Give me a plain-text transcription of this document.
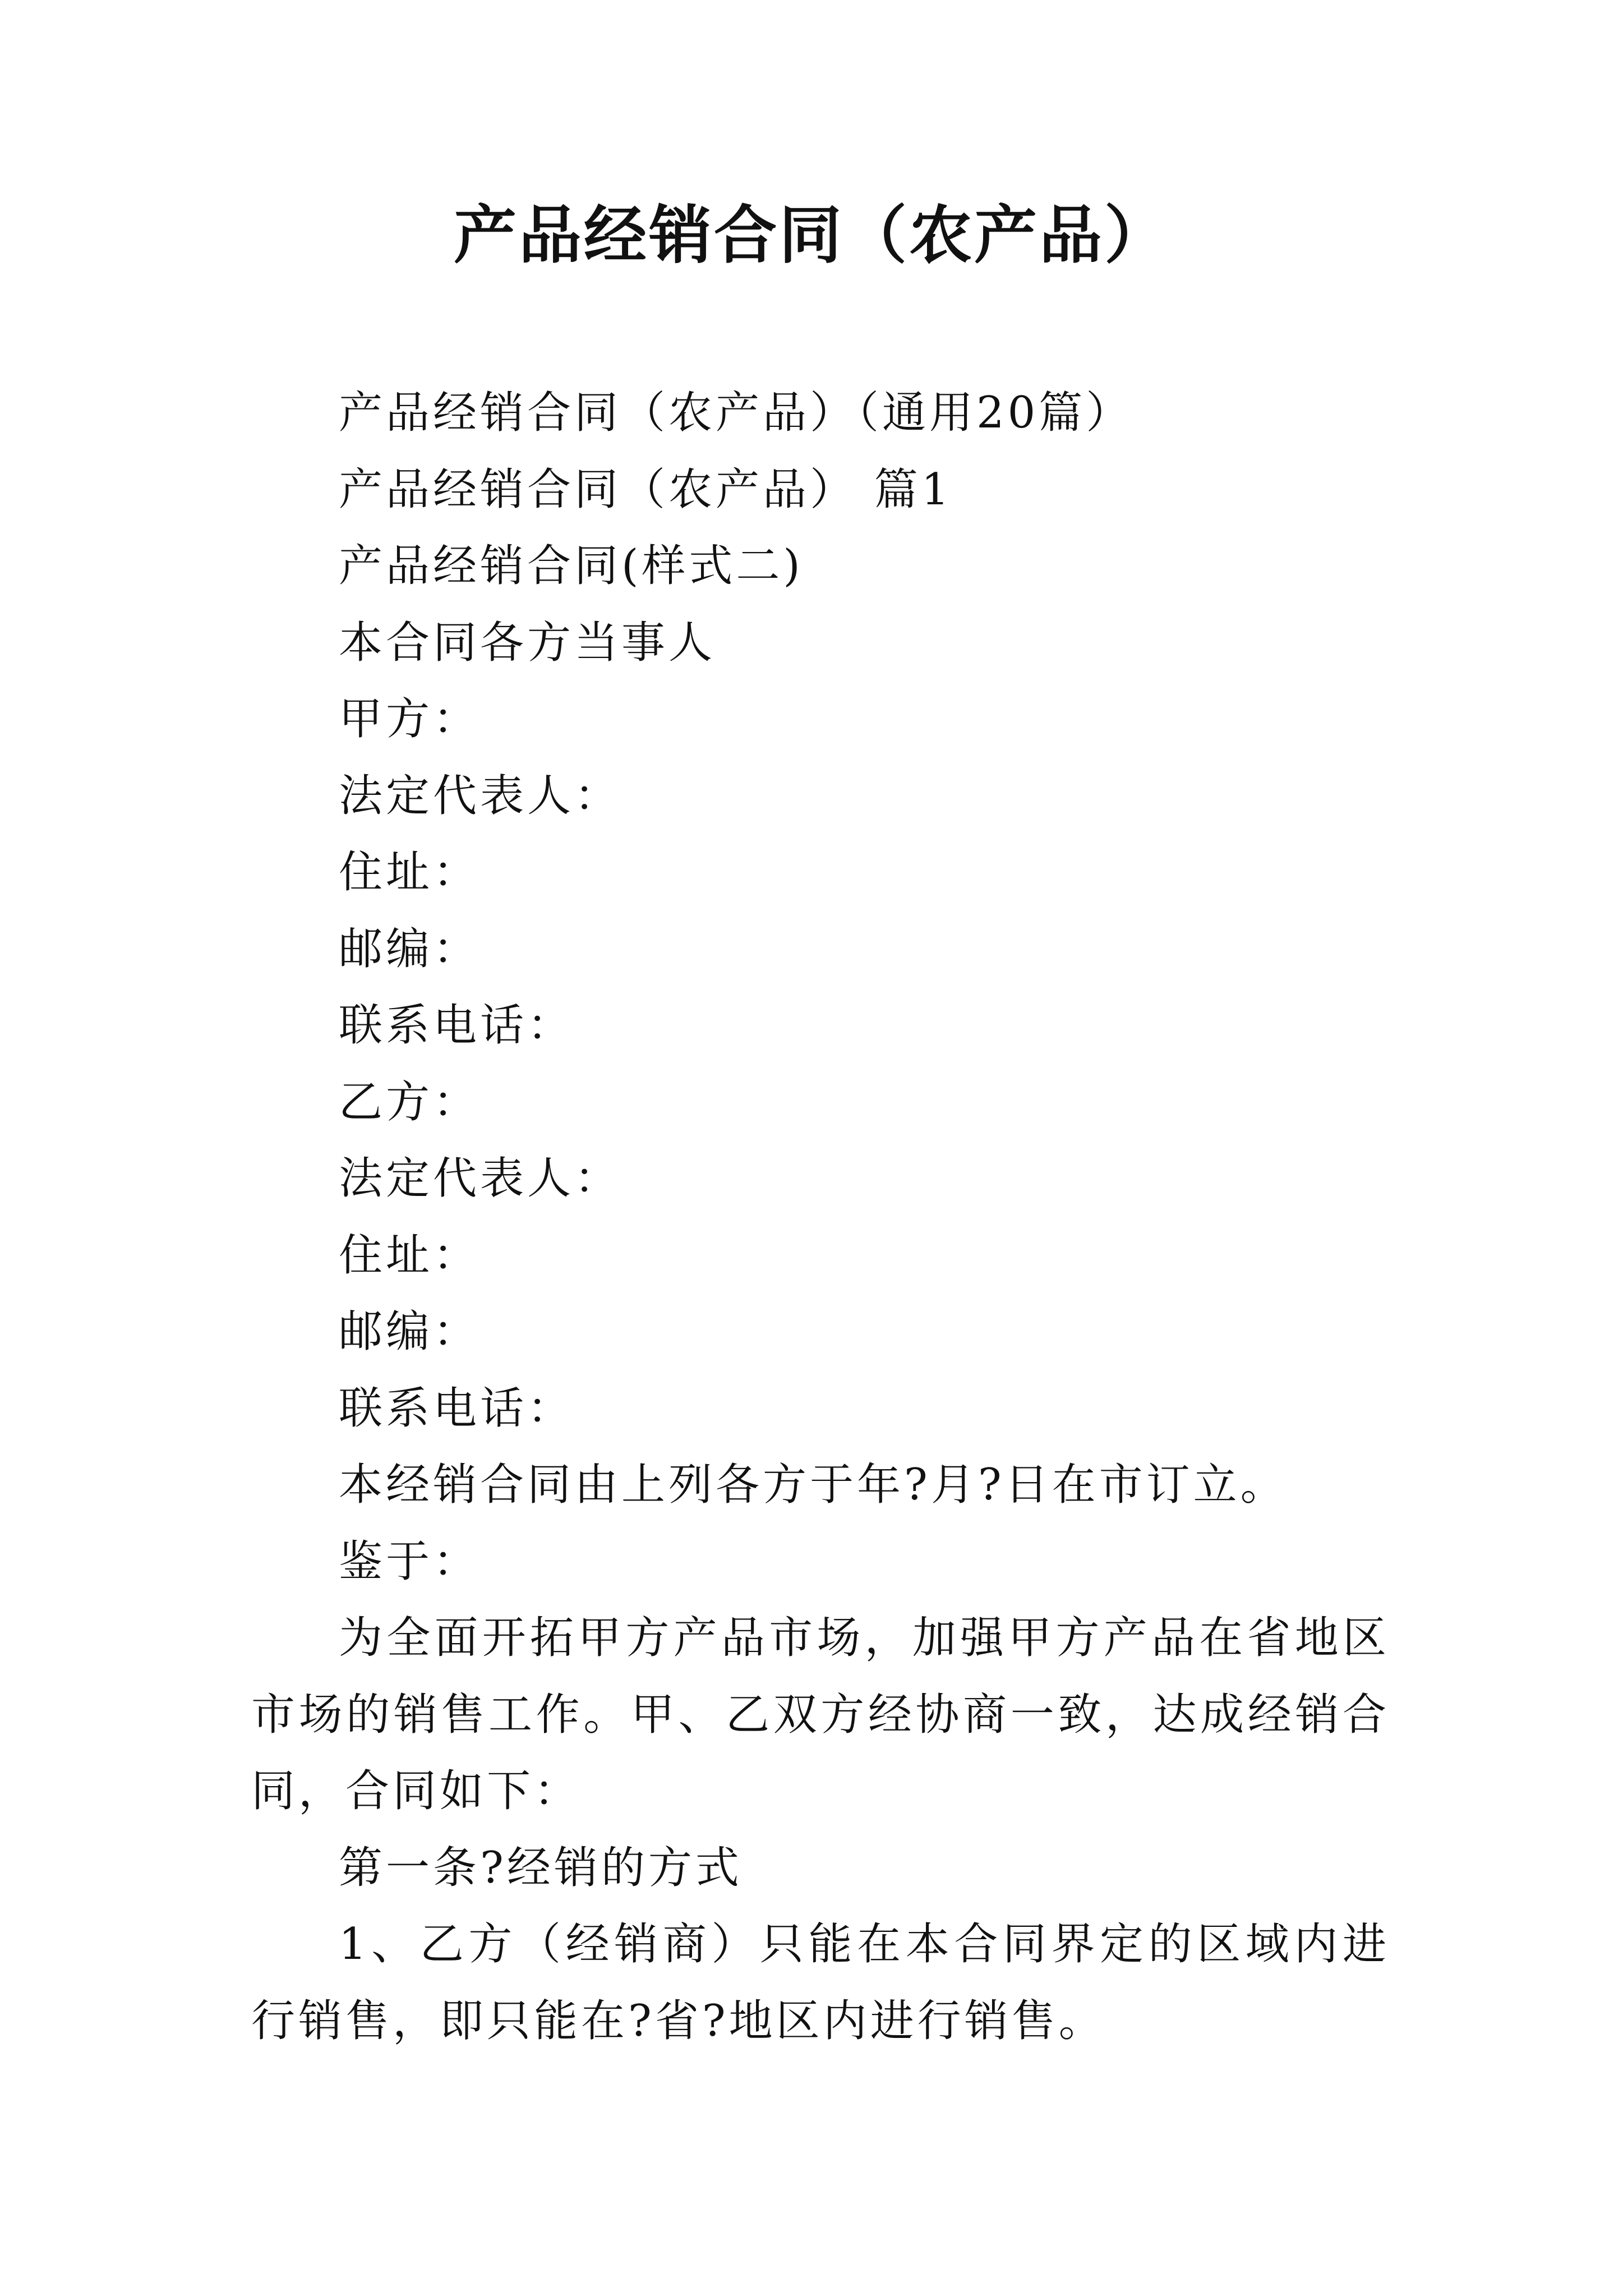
产品经销合同（农产品）
产品经销合同（农产品）（通用20篇）
产品经销合同（农产品） 篇1
产品经销合同(样式二)
本合同各方当事人
甲方：
法定代表人：
住址：
邮编：
联系电话：
乙方：
法定代表人：
住址：
邮编：
联系电话：
本经销合同由上列各方于年?月?日在市订立。
鉴于：
为全面开拓甲方产品市场，加强甲方产品在省地区市场的销售工作。甲、乙双方经协商一致，达成经销合同，合同如下：
第一条?经销的方式
1、乙方（经销商）只能在本合同界定的区域内进行销售，即只能在?省?地区内进行销售。
